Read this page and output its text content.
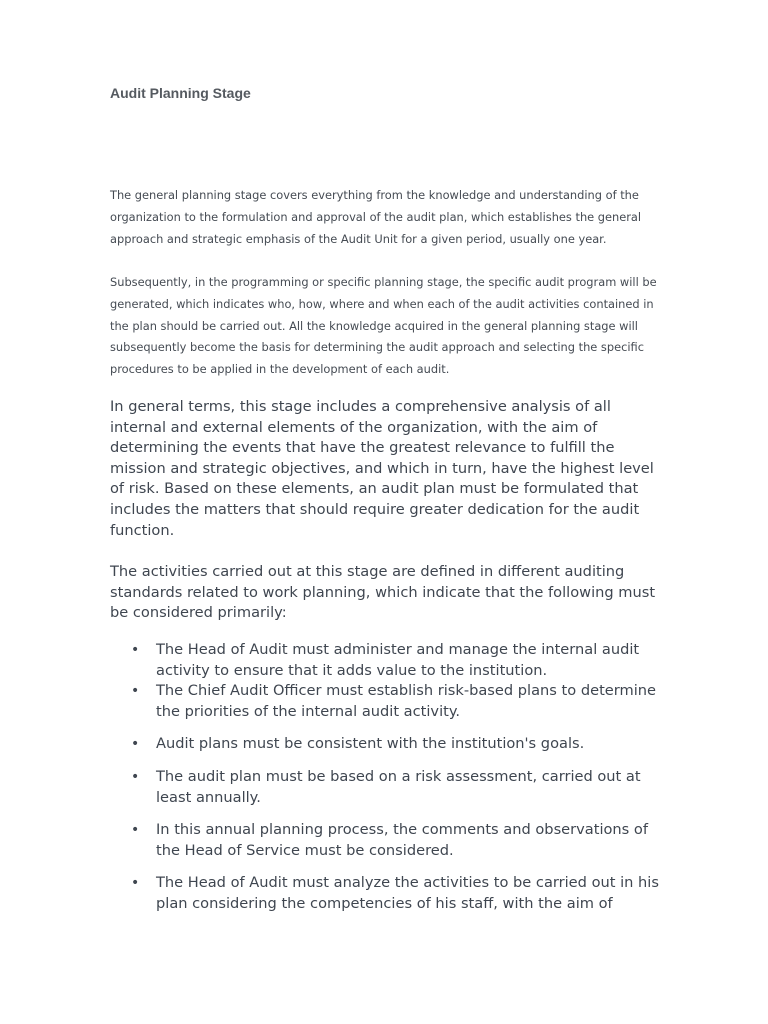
Audit Planning Stage

The general planning stage covers everything from the knowledge and understanding of the organization to the formulation and approval of the audit plan, which establishes the general approach and strategic emphasis of the Audit Unit for a given period, usually one year.

Subsequently, in the programming or specific planning stage, the specific audit program will be generated, which indicates who, how, where and when each of the audit activities contained in the plan should be carried out. All the knowledge acquired in the general planning stage will subsequently become the basis for determining the audit approach and selecting the specific procedures to be applied in the development of each audit.

In general terms, this stage includes a comprehensive analysis of all internal and external elements of the organization, with the aim of determining the events that have the greatest relevance to fulfill the mission and strategic objectives, and which in turn, have the highest level of risk. Based on these elements, an audit plan must be formulated that includes the matters that should require greater dedication for the audit function.

The activities carried out at this stage are defined in different auditing standards related to work planning, which indicate that the following must be considered primarily:

• The Head of Audit must administer and manage the internal audit activity to ensure that it adds value to the institution.
• The Chief Audit Officer must establish risk-based plans to determine the priorities of the internal audit activity.
• Audit plans must be consistent with the institution's goals.
• The audit plan must be based on a risk assessment, carried out at least annually.
• In this annual planning process, the comments and observations of the Head of Service must be considered.
• The Head of Audit must analyze the activities to be carried out in his plan considering the competencies of his staff, with the aim of
